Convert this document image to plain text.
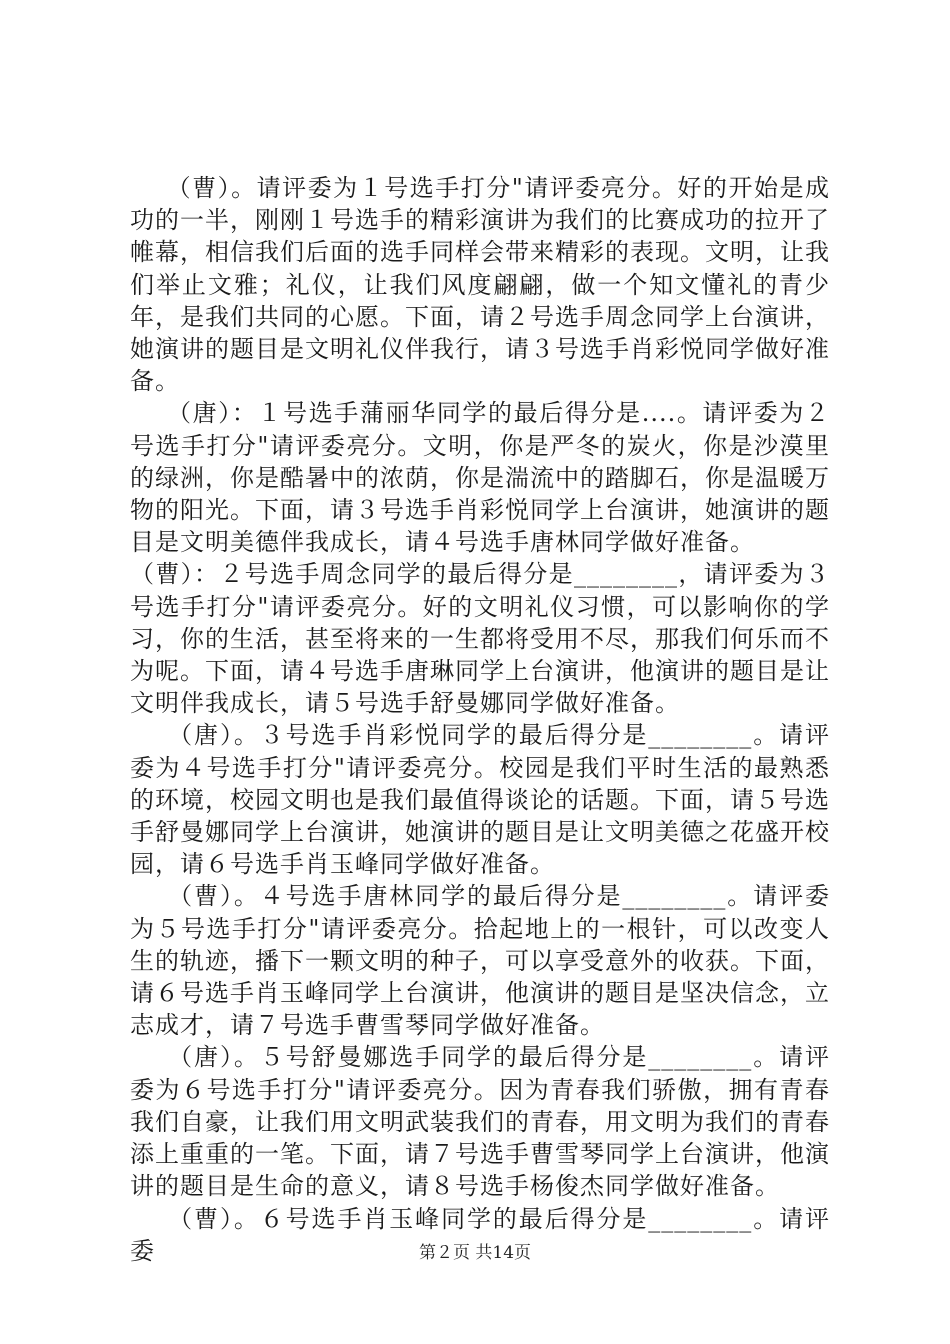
（曹）。请评委为１号选手打分"请评委亮分。好的开始是成功的一半，刚刚１号选手的精彩演讲为我们的比赛成功的拉开了帷幕，相信我们后面的选手同样会带来精彩的表现。文明，让我们举止文雅；礼仪，让我们风度翩翩，做一个知文懂礼的青少年，是我们共同的心愿。下面，请２号选手周念同学上台演讲，她演讲的题目是文明礼仪伴我行，请３号选手肖彩悦同学做好准备。

（唐）：１号选手蒲丽华同学的最后得分是....。请评委为２号选手打分"请评委亮分。文明，你是严冬的炭火，你是沙漠里的绿洲，你是酷暑中的浓荫，你是湍流中的踏脚石，你是温暖万物的阳光。下面，请３号选手肖彩悦同学上台演讲，她演讲的题目是文明美德伴我成长，请４号选手唐林同学做好准备。

（曹）：２号选手周念同学的最后得分是________，请评委为３号选手打分"请评委亮分。好的文明礼仪习惯，可以影响你的学习，你的生活，甚至将来的一生都将受用不尽，那我们何乐而不为呢。下面，请４号选手唐琳同学上台演讲，他演讲的题目是让文明伴我成长，请５号选手舒曼娜同学做好准备。

（唐）。３号选手肖彩悦同学的最后得分是________。请评委为４号选手打分"请评委亮分。校园是我们平时生活的最熟悉的环境，校园文明也是我们最值得谈论的话题。下面，请５号选手舒曼娜同学上台演讲，她演讲的题目是让文明美德之花盛开校园，请６号选手肖玉峰同学做好准备。

（曹）。４号选手唐林同学的最后得分是________。请评委为５号选手打分"请评委亮分。拾起地上的一根针，可以改变人生的轨迹，播下一颗文明的种子，可以享受意外的收获。下面，请６号选手肖玉峰同学上台演讲，他演讲的题目是坚决信念，立志成才，请７号选手曹雪琴同学做好准备。

（唐）。５号舒曼娜选手同学的最后得分是________。请评委为６号选手打分"请评委亮分。因为青春我们骄傲，拥有青春我们自豪，让我们用文明武装我们的青春，用文明为我们的青春添上重重的一笔。下面，请７号选手曹雪琴同学上台演讲，他演讲的题目是生命的意义，请８号选手杨俊杰同学做好准备。

（曹）。６号选手肖玉峰同学的最后得分是________。请评委	第２页 共14页
